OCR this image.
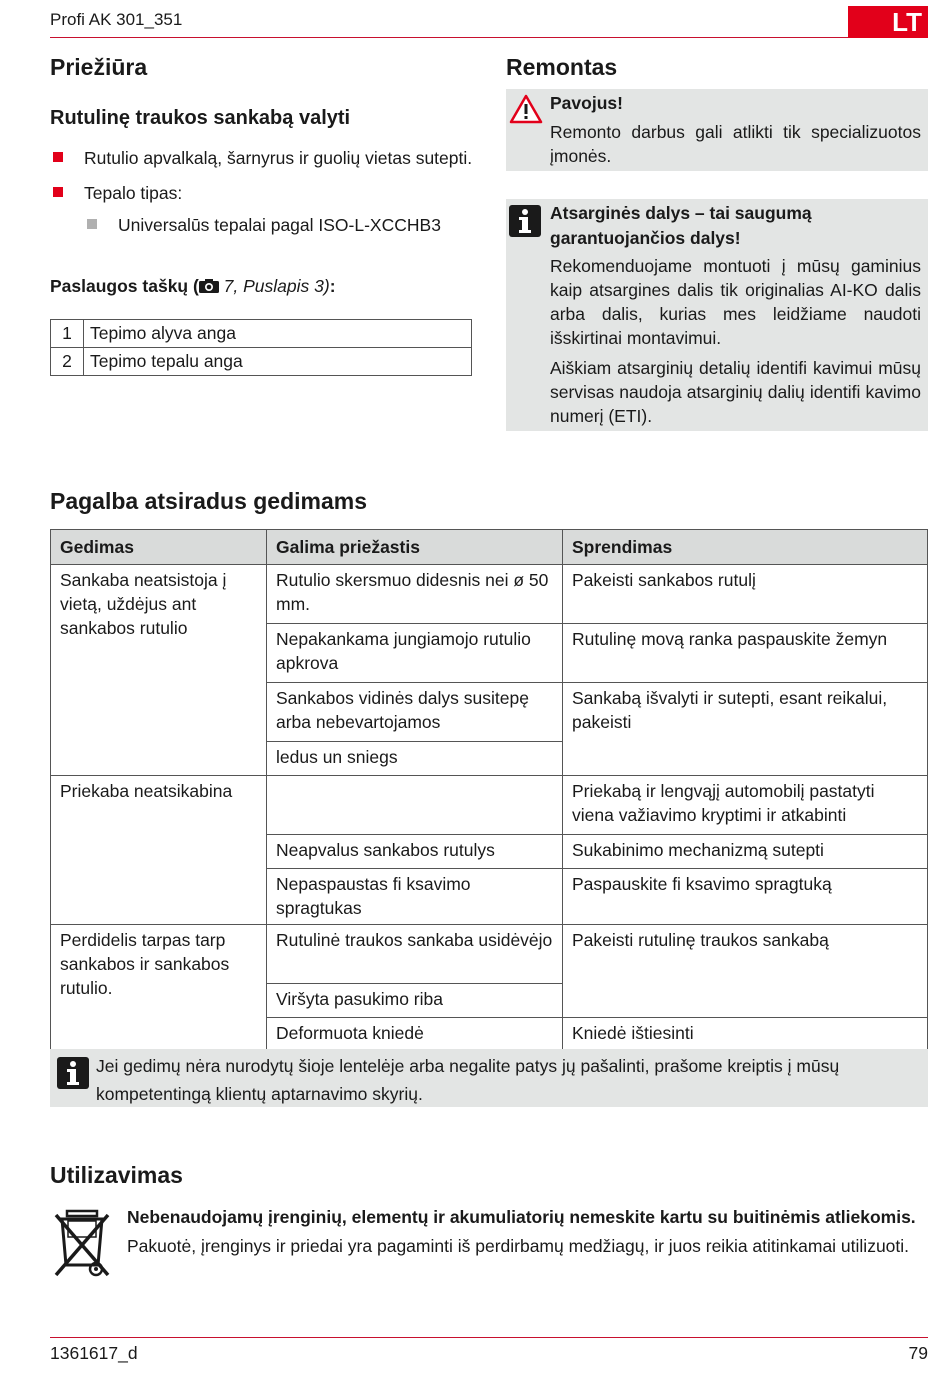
Profi AK 301_351	LT
Priežiūra
Rutulinę traukos sankabą valyti
Rutulio apvalkalą, šarnyrus ir guolių vietas sutepti.
Tepalo tipas:
Universalūs tepalai pagal ISO-L-XCCHB3
Paslaugos taškų ( 7, Puslapis 3):
1	Tepimo alyva anga
2	Tepimo tepalu anga
Remontas
Pavojus!
Remonto darbus gali atlikti tik specializuotos įmonės.
Atsarginės dalys – tai saugumą
garantuojančios dalys!
Rekomenduojame montuoti į mūsų gaminius kaip atsargines dalis tik originalias AI-KO dalis arba dalis, kurias mes leidžiame naudoti išskirtinai montavimui.
Aiškiam atsarginių detalių identifi kavimui mūsų servisas naudoja atsarginių dalių identifi kavimo numerį (ETI).
Pagalba atsiradus gedimams
Gedimas	Galima priežastis	Sprendimas
Sankaba neatsistoja į vietą, uždėjus ant sankabos rutulio	Rutulio skersmuo didesnis nei ø 50 mm.	Pakeisti sankabos rutulį
	Nepakankama jungiamojo rutulio apkrova	Rutulinę movą ranka paspauskite žemyn
	Sankabos vidinės dalys susitepę arba nebevartojamos	Sankabą išvalyti ir sutepti, esant reikalui, pakeisti
	ledus un sniegs	
Priekaba neatsikabina		Priekabą ir lengvąjį automobilį pastatyti viena važiavimo kryptimi ir atkabinti
	Neapvalus sankabos rutulys	Sukabinimo mechanizmą sutepti
	Nepaspaustas fi ksavimo spragtukas	Paspauskite fi ksavimo spragtuką
Perdidelis tarpas tarp sankabos ir sankabos rutulio.	Rutulinė traukos sankaba usidėvėjo	Pakeisti rutulinę traukos sankabą
	Viršyta pasukimo riba	
	Deformuota kniedė	Kniedė ištiesinti
Jei gedimų nėra nurodytų šioje lentelėje arba negalite patys jų pašalinti, prašome kreiptis į mūsų kompetentingą klientų aptarnavimo skyrių.
Utilizavimas
Nebenaudojamų įrenginių, elementų ir akumuliatorių nemeskite kartu su buitinėmis atliekomis.
Pakuotė, įrenginys ir priedai yra pagaminti iš perdirbamų medžiagų, ir juos reikia atitinkamai utilizuoti.
1361617_d	79
